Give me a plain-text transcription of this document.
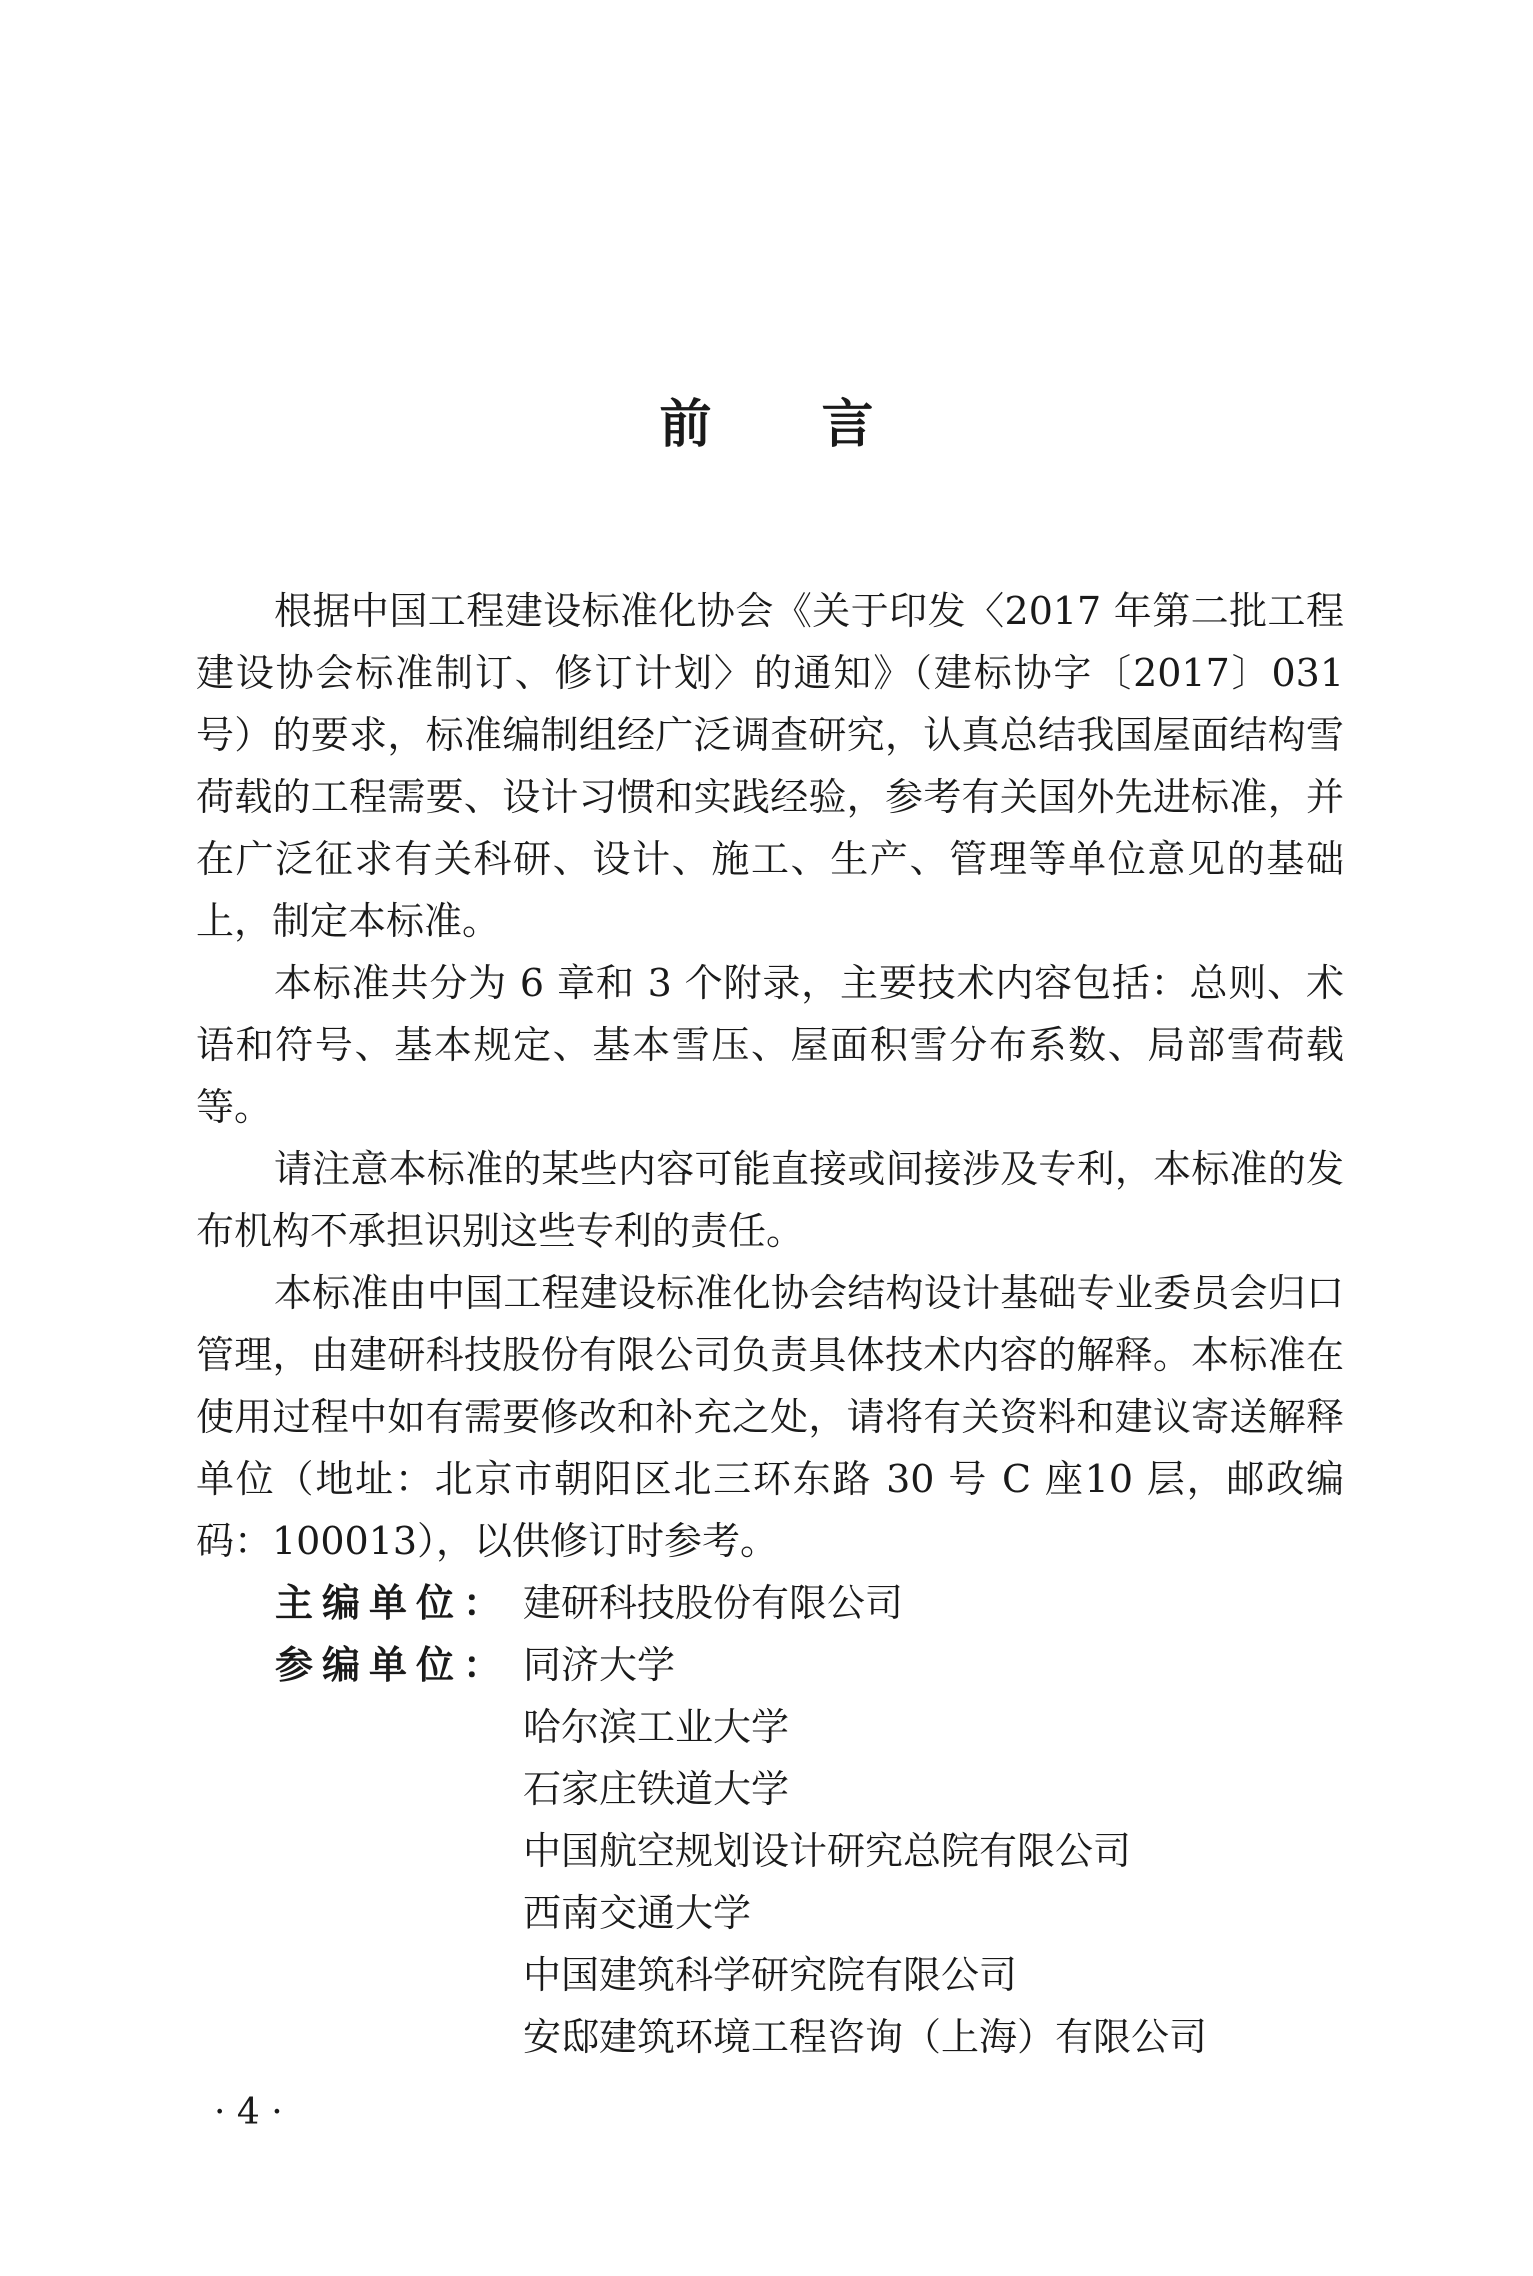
前 言

根据中国工程建设标准化协会《关于印发〈2017 年第二批工程建设协会标准制订、修订计划〉的通知》（建标协字〔2017〕031号）的要求，标准编制组经广泛调查研究，认真总结我国屋面结构雪荷载的工程需要、设计习惯和实践经验，参考有关国外先进标准，并在广泛征求有关科研、设计、施工、生产、管理等单位意见的基础上，制定本标准。

本标准共分为 6 章和 3 个附录，主要技术内容包括：总则、术语和符号、基本规定、基本雪压、屋面积雪分布系数、局部雪荷载等。

请注意本标准的某些内容可能直接或间接涉及专利，本标准的发布机构不承担识别这些专利的责任。

本标准由中国工程建设标准化协会结构设计基础专业委员会归口管理，由建研科技股份有限公司负责具体技术内容的解释。本标准在使用过程中如有需要修改和补充之处，请将有关资料和建议寄送解释单位（地址：北京市朝阳区北三环东路 30 号 C 座10 层，邮政编码：100013），以供修订时参考。

主编单位： 建研科技股份有限公司
参编单位： 同济大学
哈尔滨工业大学
石家庄铁道大学
中国航空规划设计研究总院有限公司
西南交通大学
中国建筑科学研究院有限公司
安邸建筑环境工程咨询（上海）有限公司
· 4 ·
